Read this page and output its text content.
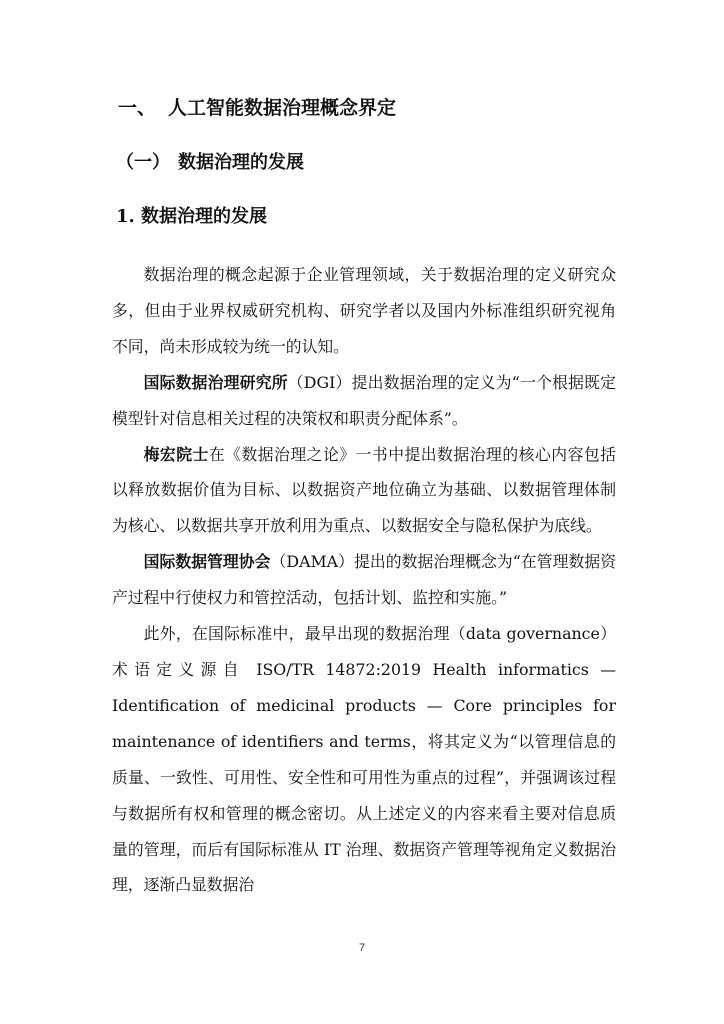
一、 人工智能数据治理概念界定
（一） 数据治理的发展
1. 数据治理的发展

数据治理的概念起源于企业管理领域，关于数据治理的定义研究众多，但由于业界权威研究机构、研究学者以及国内外标准组织研究视角不同，尚未形成较为统一的认知。

国际数据治理研究所（DGI）提出数据治理的定义为“一个根据既定模型针对信息相关过程的决策权和职责分配体系”。

梅宏院士在《数据治理之论》一书中提出数据治理的核心内容包括以释放数据价值为目标、以数据资产地位确立为基础、以数据管理体制为核心、以数据共享开放利用为重点、以数据安全与隐私保护为底线。

国际数据管理协会（DAMA）提出的数据治理概念为“在管理数据资产过程中行使权力和管控活动，包括计划、监控和实施。”

此外，在国际标准中，最早出现的数据治理（data governance）术语定义源自 ISO/TR 14872:2019 Health informatics — Identification of medicinal products — Core principles for maintenance of identifiers and terms，将其定义为“以管理信息的质量、一致性、可用性、安全性和可用性为重点的过程”，并强调该过程与数据所有权和管理的概念密切。从上述定义的内容来看主要对信息质量的管理，而后有国际标准从 IT 治理、数据资产管理等视角定义数据治理，逐渐凸显数据治

7
